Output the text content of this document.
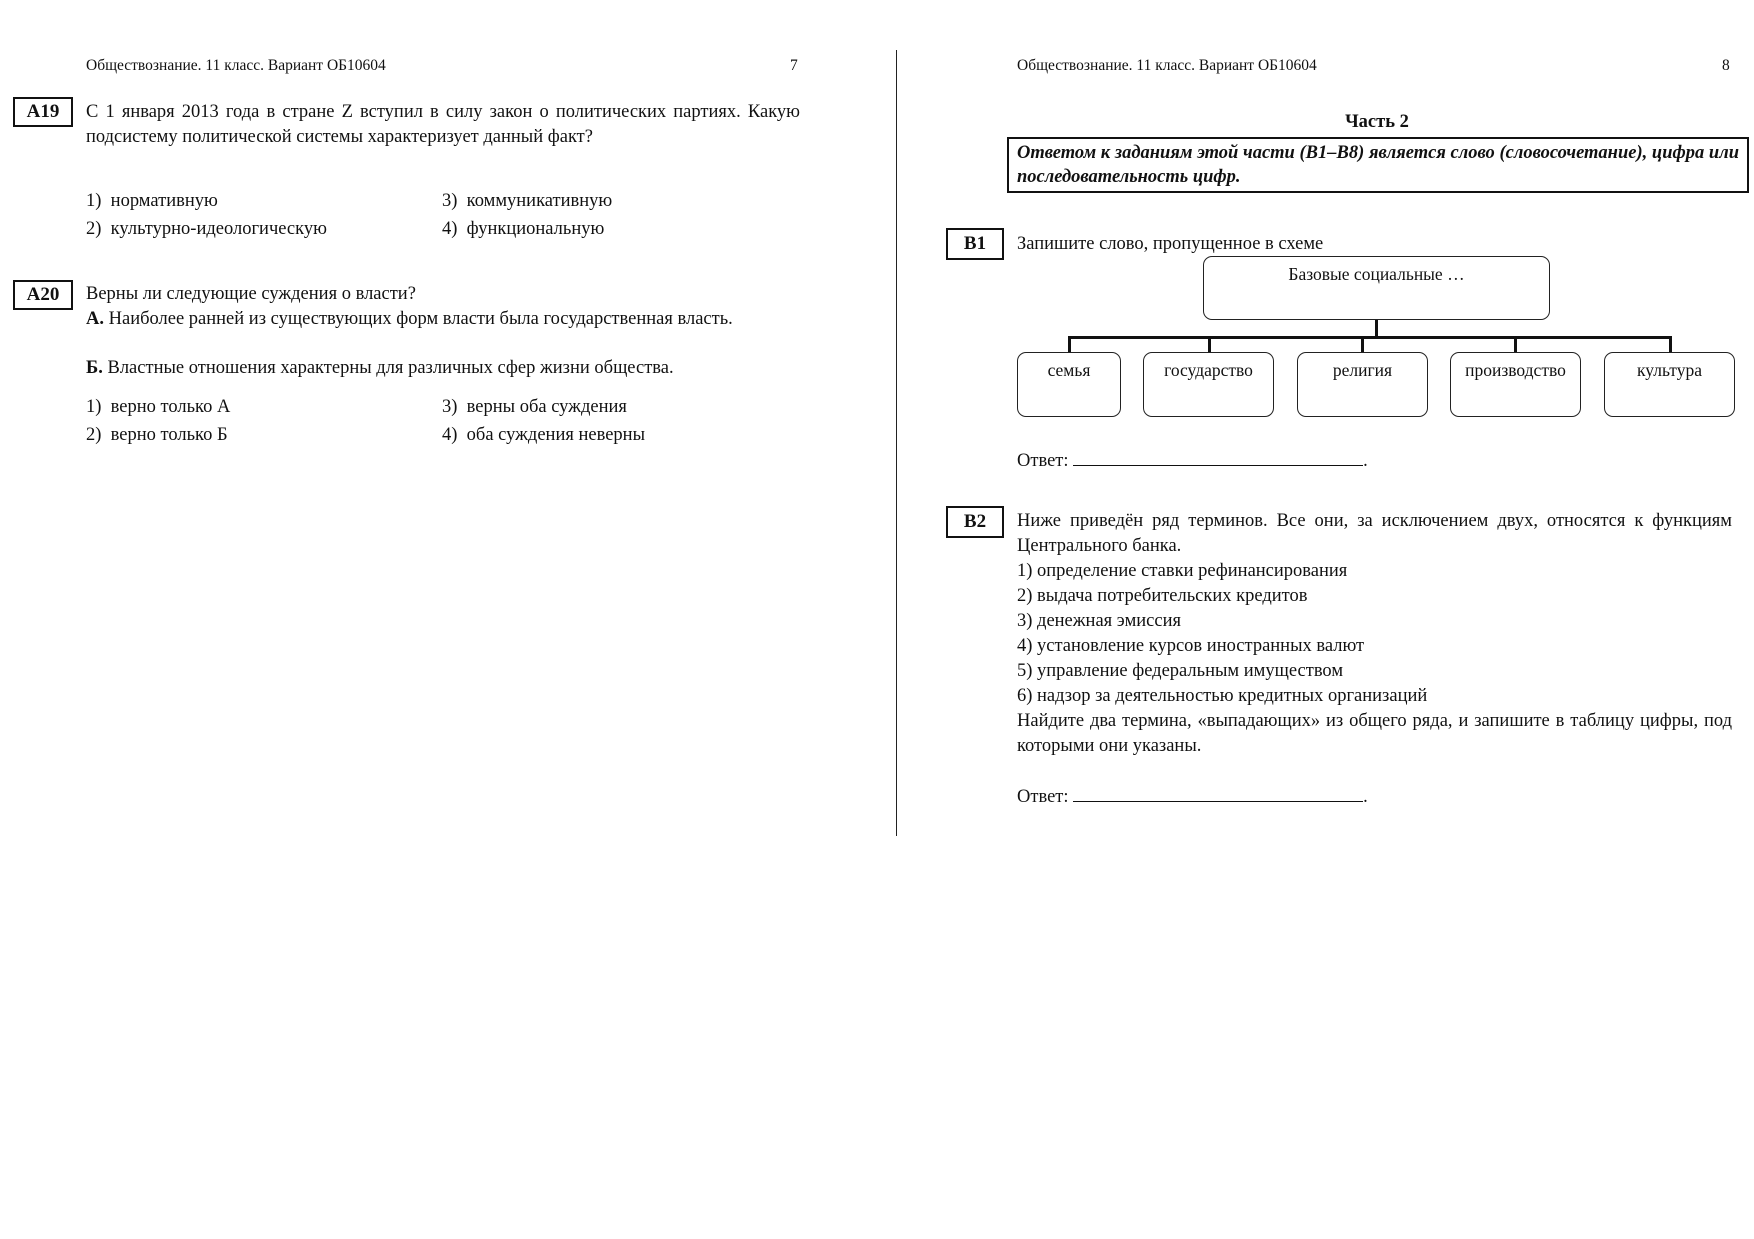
Обществознание. 11 класс. Вариант ОБ10604	7
A19	С 1 января 2013 года в стране Z вступил в силу закон о политических партиях. Какую подсистему политической системы характеризует данный факт?
1) нормативную
2) культурно-идеологическую
3) коммуникативную
4) функциональную
A20	Верны ли следующие суждения о власти?
А. Наиболее ранней из существующих форм власти была государственная власть.
Б. Властные отношения характерны для различных сфер жизни общества.
1) верно только А
2) верно только Б
3) верны оба суждения
4) оба суждения неверны
Обществознание. 11 класс. Вариант ОБ10604	8
Часть 2
Ответом к заданиям этой части (В1–В8) является слово (словосочетание), цифра или последовательность цифр.
В1	Запишите слово, пропущенное в схеме
Базовые социальные …
семья	государство	религия	производство	культура
Ответ:	.
В2	Ниже приведён ряд терминов. Все они, за исключением двух, относятся к функциям Центрального банка.
1) определение ставки рефинансирования
2) выдача потребительских кредитов
3) денежная эмиссия
4) установление курсов иностранных валют
5) управление федеральным имуществом
6) надзор за деятельностью кредитных организаций
Найдите два термина, «выпадающих» из общего ряда, и запишите в таблицу цифры, под которыми они указаны.
Ответ:	.
